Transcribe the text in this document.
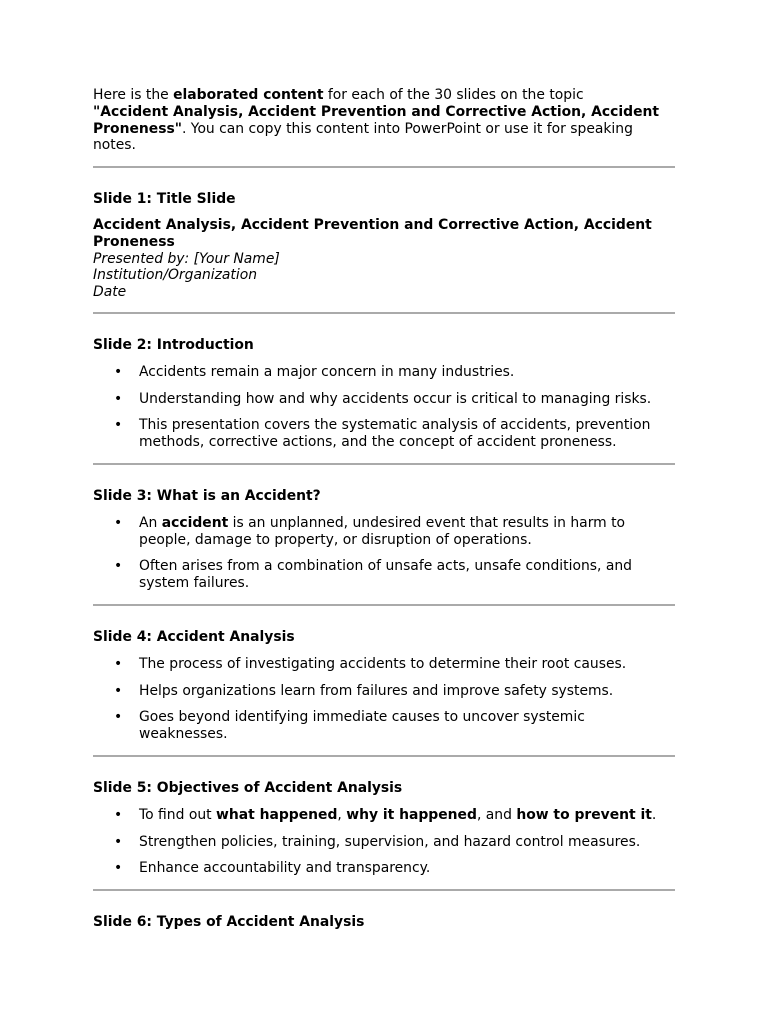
Here is the elaborated content for each of the 30 slides on the topic
"Accident Analysis, Accident Prevention and Corrective Action, Accident Proneness". You can copy this content into PowerPoint or use it for speaking notes.

Slide 1: Title Slide

Accident Analysis, Accident Prevention and Corrective Action, Accident Proneness
Presented by: [Your Name]
Institution/Organization
Date

Slide 2: Introduction

• Accidents remain a major concern in many industries.
• Understanding how and why accidents occur is critical to managing risks.
• This presentation covers the systematic analysis of accidents, prevention methods, corrective actions, and the concept of accident proneness.

Slide 3: What is an Accident?

• An accident is an unplanned, undesired event that results in harm to people, damage to property, or disruption of operations.
• Often arises from a combination of unsafe acts, unsafe conditions, and system failures.

Slide 4: Accident Analysis

• The process of investigating accidents to determine their root causes.
• Helps organizations learn from failures and improve safety systems.
• Goes beyond identifying immediate causes to uncover systemic weaknesses.

Slide 5: Objectives of Accident Analysis

• To find out what happened, why it happened, and how to prevent it.
• Strengthen policies, training, supervision, and hazard control measures.
• Enhance accountability and transparency.

Slide 6: Types of Accident Analysis
